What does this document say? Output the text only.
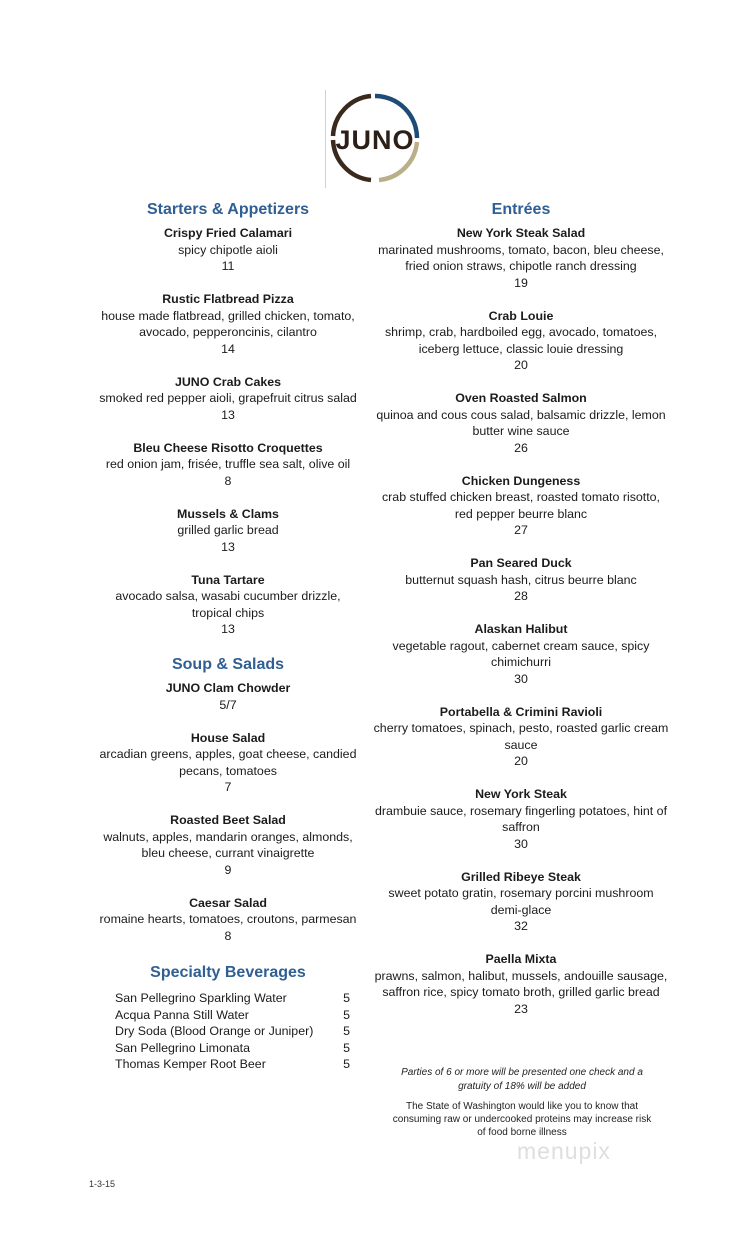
JUNO
Starters & Appetizers
Crispy Fried Calamari
spicy chipotle aioli
11
Rustic Flatbread Pizza
house made flatbread, grilled chicken, tomato, avocado, pepperoncinis, cilantro
14
JUNO Crab Cakes
smoked red pepper aioli, grapefruit citrus salad
13
Bleu Cheese Risotto Croquettes
red onion jam, frisée, truffle sea salt, olive oil
8
Mussels & Clams
grilled garlic bread
13
Tuna Tartare
avocado salsa, wasabi cucumber drizzle, tropical chips
13
Soup & Salads
JUNO Clam Chowder
5/7
House Salad
arcadian greens, apples, goat cheese, candied pecans, tomatoes
7
Roasted Beet Salad
walnuts, apples, mandarin oranges, almonds, bleu cheese, currant vinaigrette
9
Caesar Salad
romaine hearts, tomatoes, croutons, parmesan
8
Specialty Beverages
San Pellegrino Sparkling Water	5
Acqua Panna Still Water	5
Dry Soda (Blood Orange or Juniper) 5
San Pellegrino Limonata	5
Thomas Kemper Root Beer	5
Entrées
New York Steak Salad
marinated mushrooms, tomato, bacon, bleu cheese, fried onion straws, chipotle ranch dressing
19
Crab Louie
shrimp, crab, hardboiled egg, avocado, tomatoes, iceberg lettuce, classic louie dressing
20
Oven Roasted Salmon
quinoa and cous cous salad, balsamic drizzle, lemon butter wine sauce
26
Chicken Dungeness
crab stuffed chicken breast, roasted tomato risotto, red pepper beurre blanc
27
Pan Seared Duck
butternut squash hash, citrus beurre blanc
28
Alaskan Halibut
vegetable ragout, cabernet cream sauce, spicy chimichurri
30
Portabella & Crimini Ravioli
cherry tomatoes, spinach, pesto, roasted garlic cream sauce
20
New York Steak
drambuie sauce, rosemary fingerling potatoes, hint of saffron
30
Grilled Ribeye Steak
sweet potato gratin, rosemary porcini mushroom demi-glace
32
Paella Mixta
prawns, salmon, halibut, mussels, andouille sausage, saffron rice, spicy tomato broth, grilled garlic bread
23
Parties of 6 or more will be presented one check and a gratuity of 18% will be added
The State of Washington would like you to know that consuming raw or undercooked proteins may increase risk of food borne illness
menupix
1-3-15
